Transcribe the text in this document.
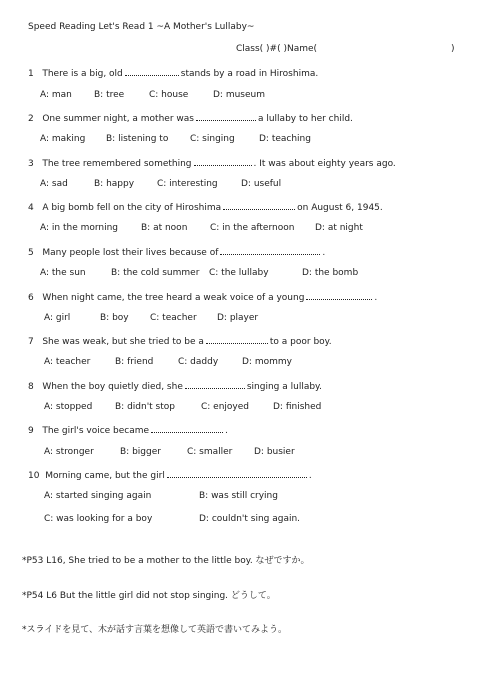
Speed Reading Let's Read 1 ~A Mother's Lullaby~
Class( )#( )Name(	)
1 There is a big, old	stands by a road in Hiroshima.
A: man B: tree	C: house	D: museum
2 One summer night, a mother was	a lullaby to her child.
A: making B: listening to C: singing	D: teaching
3 The tree remembered something	. It was about eighty years ago.
A: sad	B: happy	C: interesting	D: useful
4 A big bomb fell on the city of Hiroshima	on August 6, 1945.
A: in the morning	B: at noon	C: in the afternoon D: at night
5 Many people lost their lives because of	.
A: the sun	B: the cold summer C: the lullaby	D: the bomb
6 When night came, the tree heard a weak voice of a young	.
A: girl	B: boy C: teacher D: player
7 She was weak, but she tried to be a	to a poor boy.
A: teacher	B: friend	C: daddy	D: mommy
8 When the boy quietly died, she	singing a lullaby.
A: stopped	B: didn't stop	C: enjoyed	D: finished
9 The girl's voice became	.
A: stronger	B: bigger	C: smaller D: busier
10 Morning came, but the girl	.
A: started singing again	B: was still crying
C: was looking for a boy	D: couldn't sing again.
*P53 L16, She tried to be a mother to the little boy. なぜですか。
*P54 L6 But the little girl did not stop singing. どうして。
*スライドを見て、木が話す言葉を想像して英語で書いてみよう。
